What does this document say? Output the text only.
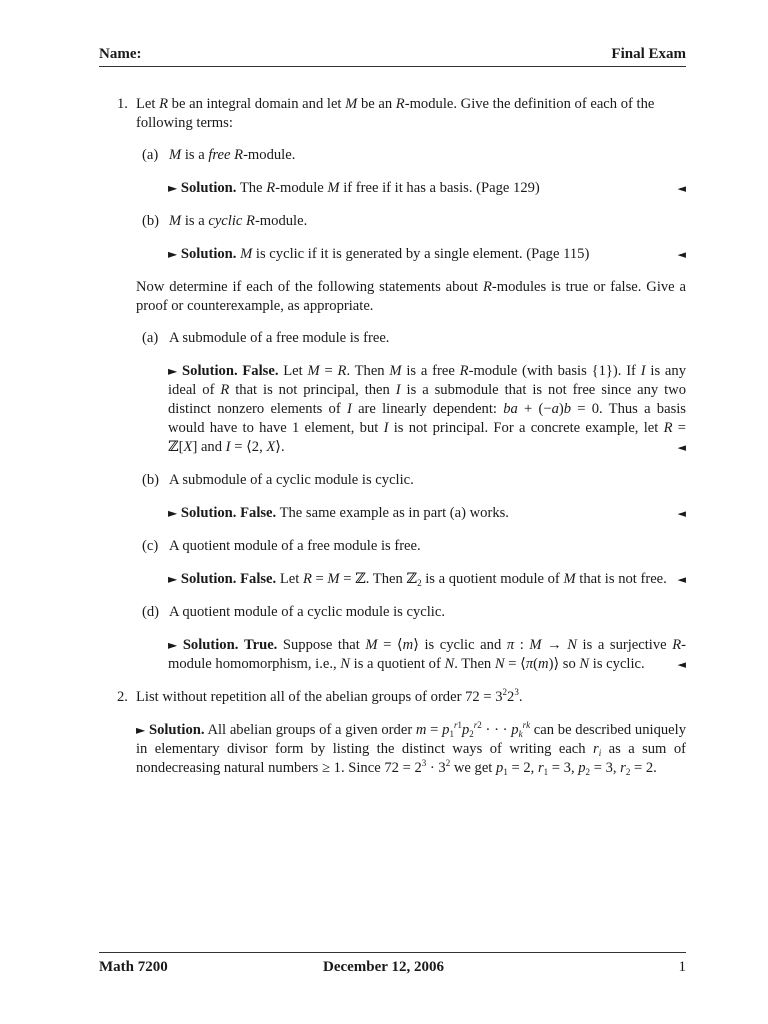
Name:	Final Exam
1. Let R be an integral domain and let M be an R-module. Give the definition of each of the following terms:

(a) M is a free R-module.

► Solution. The R-module M if free if it has a basis. (Page 129)	◄

(b) M is a cyclic R-module.

► Solution. M is cyclic if it is generated by a single element. (Page 115)	◄

Now determine if each of the following statements about R-modules is true or false. Give a proof or counterexample, as appropriate.

(a) A submodule of a free module is free.

► Solution. False. Let M = R. Then M is a free R-module (with basis {1}). If I is any ideal of R that is not principal, then I is a submodule that is not free since any two distinct nonzero elements of I are linearly dependent: ba + (−a)b = 0. Thus a basis would have to have 1 element, but I is not principal. For a concrete example, let R = ℤ[X] and I = ⟨2, X⟩.	◄

(b) A submodule of a cyclic module is cyclic.

► Solution. False. The same example as in part (a) works.	◄

(c) A quotient module of a free module is free.

► Solution. False. Let R = M = ℤ. Then ℤ$_2$ is a quotient module of M that is not free. ◄

(d) A quotient module of a cyclic module is cyclic.

► Solution. True. Suppose that M = ⟨m⟩ is cyclic and π : M → N is a surjective R-module homomorphism, i.e., N is a quotient of N. Then N = ⟨π(m)⟩ so N is cyclic.	◄

2. List without repetition all of the abelian groups of order $72 = 3^22^3$.

► Solution. All abelian groups of a given order $m = p_1^{r1}p_2^{r2}$ · · · $p_k^{rk}$ can be described uniquely in elementary divisor form by listing the distinct ways of writing each $r_i$ as a sum of nondecreasing natural numbers ≥ 1. Since $72 = 2^3 \cdot 3^2$ we get $p_1 = 2$, $r_1 = 3$, $p_2 = 3$, $r_2 = 2$.

Math 7200	December 12, 2006	1
